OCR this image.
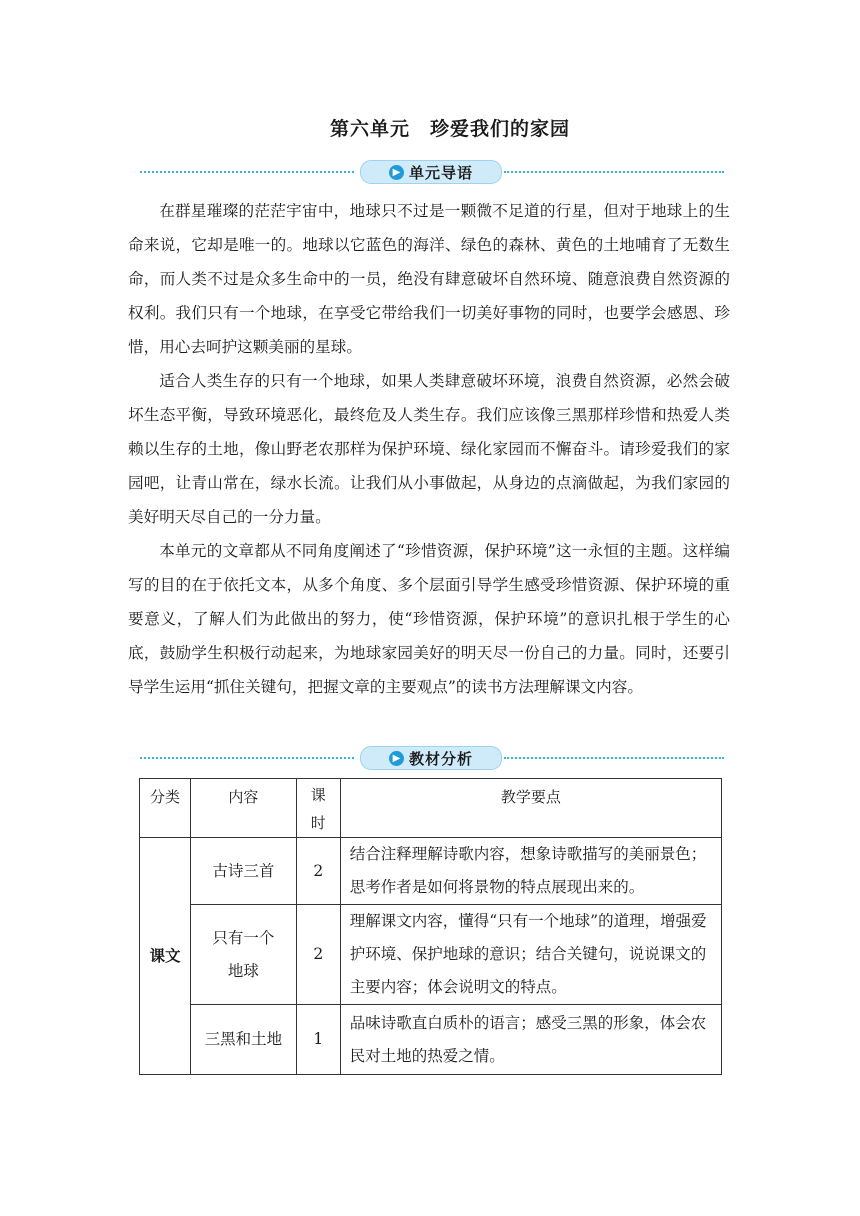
第六单元　珍爱我们的家园
▶ 单元导语

在群星璀璨的茫茫宇宙中，地球只不过是一颗微不足道的行星，但对于地球上的生命来说，它却是唯一的。地球以它蓝色的海洋、绿色的森林、黄色的土地哺育了无数生命，而人类不过是众多生命中的一员，绝没有肆意破坏自然环境、随意浪费自然资源的权利。我们只有一个地球，在享受它带给我们一切美好事物的同时，也要学会感恩、珍惜，用心去呵护这颗美丽的星球。

适合人类生存的只有一个地球，如果人类肆意破坏环境，浪费自然资源，必然会破坏生态平衡，导致环境恶化，最终危及人类生存。我们应该像三黑那样珍惜和热爱人类赖以生存的土地，像山野老农那样为保护环境、绿化家园而不懈奋斗。请珍爱我们的家园吧，让青山常在，绿水长流。让我们从小事做起，从身边的点滴做起，为我们家园的美好明天尽自己的一分力量。

本单元的文章都从不同角度阐述了“珍惜资源，保护环境”这一永恒的主题。这样编写的目的在于依托文本，从多个角度、多个层面引导学生感受珍惜资源、保护环境的重要意义，了解人们为此做出的努力，使“珍惜资源，保护环境”的意识扎根于学生的心底，鼓励学生积极行动起来，为地球家园美好的明天尽一份自己的力量。同时，还要引导学生运用“抓住关键句，把握文章的主要观点”的读书方法理解课文内容。

▶ 教材分析
分类	内容	课时	教学要点
课文	古诗三首	2	结合注释理解诗歌内容，想象诗歌描写的美丽景色；思考作者是如何将景物的特点展现出来的。
	只有一个地球	2	理解课文内容，懂得“只有一个地球”的道理，增强爱护环境、保护地球的意识；结合关键句，说说课文的主要内容；体会说明文的特点。
	三黑和土地	1	品味诗歌直白质朴的语言；感受三黑的形象，体会农民对土地的热爱之情。
